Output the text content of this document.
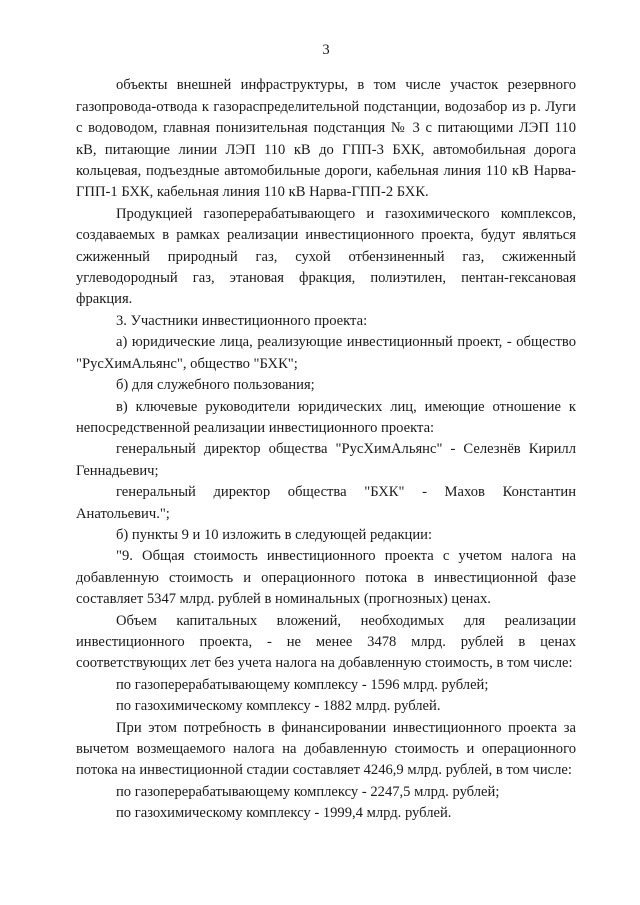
3

объекты внешней инфраструктуры, в том числе участок резервного газопровода-отвода к газораспределительной подстанции, водозабор из р. Луги с водоводом, главная понизительная подстанция № 3 с питающими ЛЭП 110 кВ, питающие линии ЛЭП 110 кВ до ГПП-3 БХК, автомобильная дорога кольцевая, подъездные автомобильные дороги, кабельная линия 110 кВ Нарва-ГПП-1 БХК, кабельная линия 110 кВ Нарва-ГПП-2 БХК.

Продукцией газоперерабатывающего и газохимического комплексов, создаваемых в рамках реализации инвестиционного проекта, будут являться сжиженный природный газ, сухой отбензиненный газ, сжиженный углеводородный газ, этановая фракция, полиэтилен, пентан-гексановая фракция.

3. Участники инвестиционного проекта:

а) юридические лица, реализующие инвестиционный проект, - общество "РусХимАльянс", общество "БХК";

б) для служебного пользования;

в) ключевые руководители юридических лиц, имеющие отношение к непосредственной реализации инвестиционного проекта:

генеральный директор общества "РусХимАльянс" - Селезнёв Кирилл Геннадьевич;

генеральный директор общества "БХК" - Махов Константин Анатольевич.";

б) пункты 9 и 10 изложить в следующей редакции:

"9. Общая стоимость инвестиционного проекта с учетом налога на добавленную стоимость и операционного потока в инвестиционной фазе составляет 5347 млрд. рублей в номинальных (прогнозных) ценах.

Объем капитальных вложений, необходимых для реализации инвестиционного проекта, - не менее 3478 млрд. рублей в ценах соответствующих лет без учета налога на добавленную стоимость, в том числе:

по газоперерабатывающему комплексу - 1596 млрд. рублей;

по газохимическому комплексу - 1882 млрд. рублей.

При этом потребность в финансировании инвестиционного проекта за вычетом возмещаемого налога на добавленную стоимость и операционного потока на инвестиционной стадии составляет 4246,9 млрд. рублей, в том числе:

по газоперерабатывающему комплексу - 2247,5 млрд. рублей;

по газохимическому комплексу - 1999,4 млрд. рублей.
